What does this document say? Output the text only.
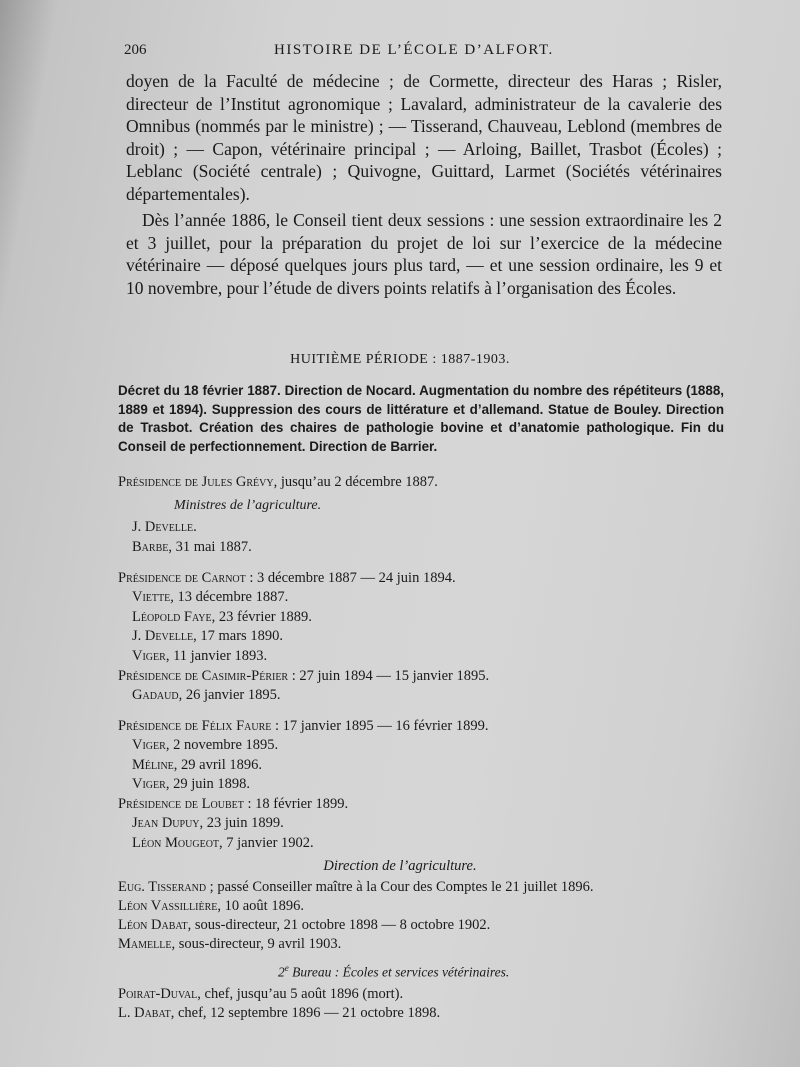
206	HISTOIRE DE L’ÉCOLE D’ALFORT.

doyen de la Faculté de médecine ; de Cormette, directeur des Haras ; Risler, directeur de l’Institut agronomique ; Lavalard, administrateur de la cavalerie des Omnibus (nommés par le ministre) ; — Tisserand, Chauveau, Leblond (membres de droit) ; — Capon, vétérinaire principal ; — Arloing, Baillet, Trasbot (Écoles) ; Leblanc (Société centrale) ; Quivogne, Guittard, Larmet (Sociétés vétérinaires départementales).

Dès l’année 1886, le Conseil tient deux sessions : une session extraordinaire les 2 et 3 juillet, pour la préparation du projet de loi sur l’exercice de la médecine vétérinaire — déposé quelques jours plus tard, — et une session ordinaire, les 9 et 10 novembre, pour l’étude de divers points relatifs à l’organisation des Écoles.

HUITIÈME PÉRIODE : 1887-1903.

Décret du 18 février 1887. Direction de Nocard. Augmentation du nombre des répétiteurs (1888, 1889 et 1894). Suppression des cours de littérature et d’allemand. Statue de Bouley. Direction de Trasbot. Création des chaires de pathologie bovine et d’anatomie pathologique. Fin du Conseil de perfectionnement. Direction de Barrier.

Présidence de Jules Grévy, jusqu’au 2 décembre 1887.

Ministres de l’agriculture.

J. Develle.

Barbe, 31 mai 1887.

Présidence de Carnot : 3 décembre 1887 — 24 juin 1894.

Viette, 13 décembre 1887.

Léopold Faye, 23 février 1889.

J. Develle, 17 mars 1890.

Viger, 11 janvier 1893.

Présidence de Casimir-Périer : 27 juin 1894 — 15 janvier 1895.

Gadaud, 26 janvier 1895.

Présidence de Félix Faure : 17 janvier 1895 — 16 février 1899.

Viger, 2 novembre 1895.

Méline, 29 avril 1896.

Viger, 29 juin 1898.

Présidence de Loubet : 18 février 1899.

Jean Dupuy, 23 juin 1899.

Léon Mougeot, 7 janvier 1902.

Direction de l’agriculture.

Eug. Tisserand ; passé Conseiller maître à la Cour des Comptes le 21 juillet 1896.

Léon Vassillière, 10 août 1896.

Léon Dabat, sous-directeur, 21 octobre 1898 — 8 octobre 1902.

Mamelle, sous-directeur, 9 avril 1903.

2e Bureau : Écoles et services vétérinaires.

Poirat-Duval, chef, jusqu’au 5 août 1896 (mort).

L. Dabat, chef, 12 septembre 1896 — 21 octobre 1898.
